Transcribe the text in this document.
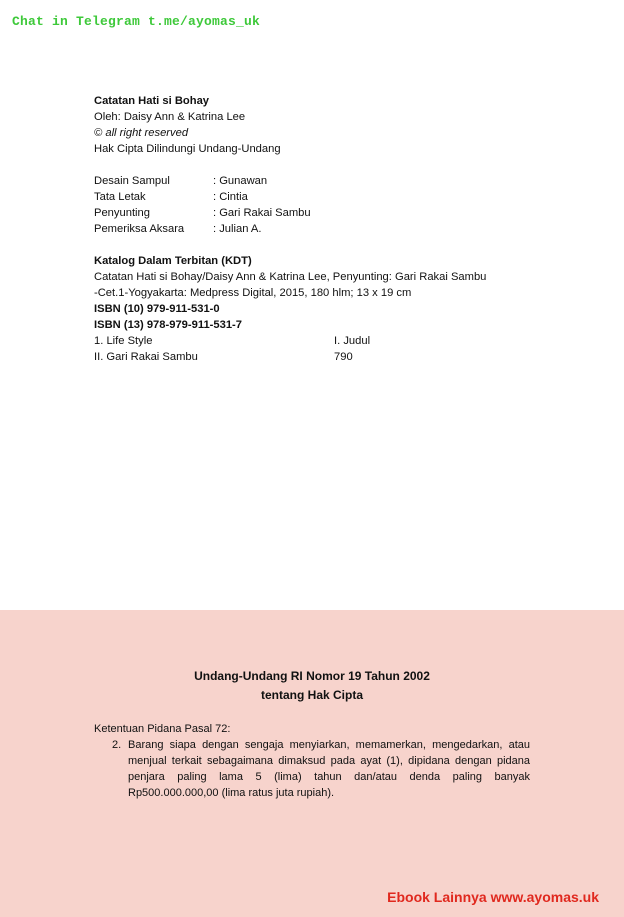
Chat in Telegram t.me/ayomas_uk
Catatan Hati si Bohay
Oleh: Daisy Ann & Katrina Lee
© all right reserved
Hak Cipta Dilindungi Undang-Undang
Desain Sampul	: Gunawan
Tata Letak	: Cintia
Penyunting	: Gari Rakai Sambu
Pemeriksa Aksara	: Julian A.
Katalog Dalam Terbitan (KDT)
Catatan Hati si Bohay/Daisy Ann & Katrina Lee, Penyunting: Gari Rakai Sambu
-Cet.1-Yogyakarta: Medpress Digital, 2015, 180 hlm; 13 x 19 cm
ISBN (10) 979-911-531-0
ISBN (13) 978-979-911-531-7
1. Life Style	I. Judul
II. Gari Rakai Sambu	790
Undang-Undang RI Nomor 19 Tahun 2002
tentang Hak Cipta
Ketentuan Pidana Pasal 72:
2. Barang siapa dengan sengaja menyiarkan, memamerkan, mengedarkan, atau menjual terkait sebagaimana dimaksud pada ayat (1), dipidana dengan pidana penjara paling lama 5 (lima) tahun dan/atau denda paling banyak Rp500.000.000,00 (lima ratus juta rupiah).
Ebook Lainnya www.ayomas.uk
